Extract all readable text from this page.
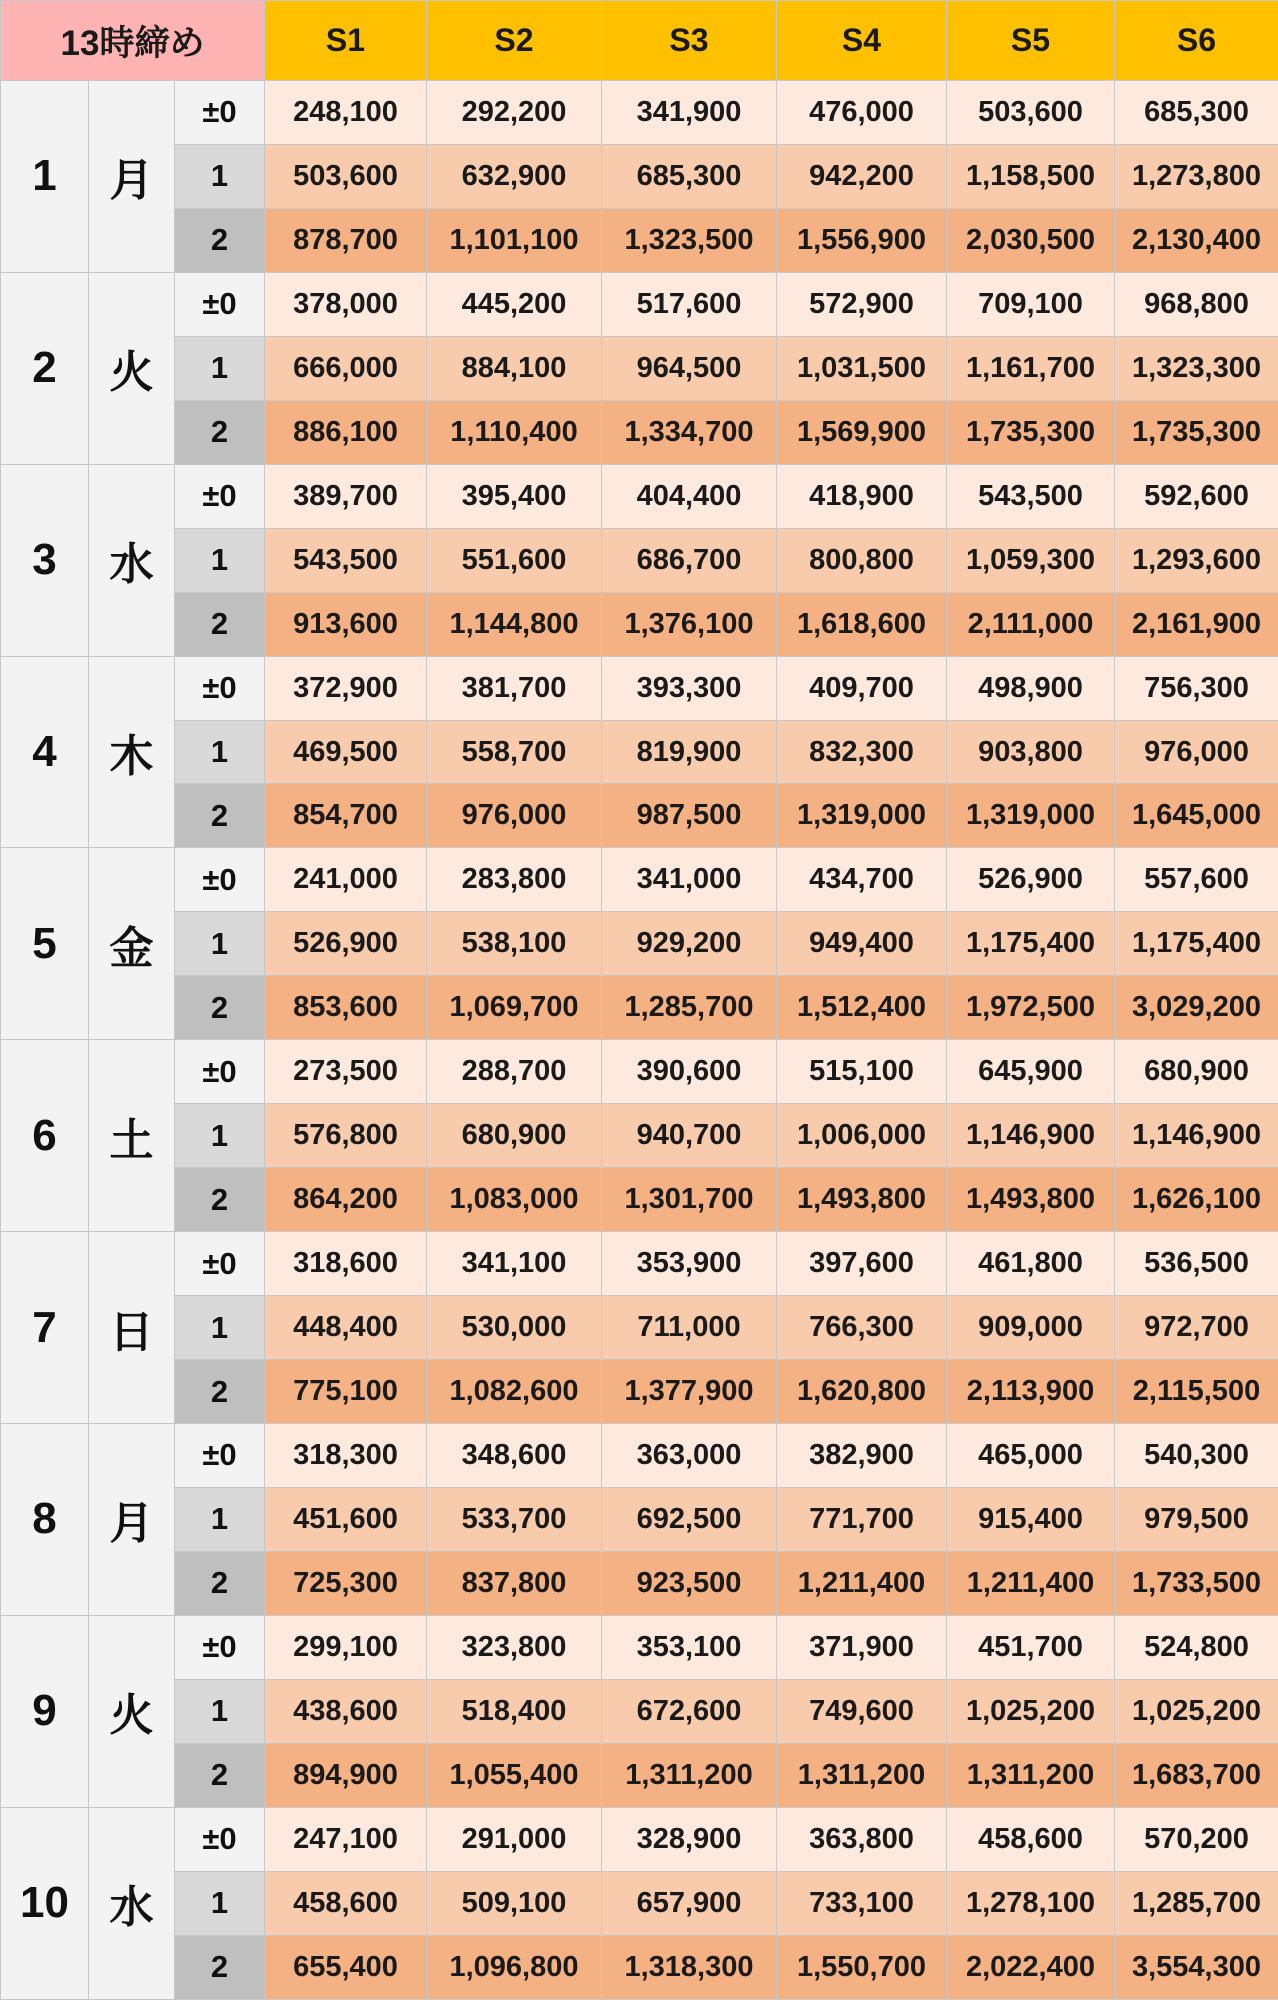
13時締め			S1	S2	S3	S4	S5	S6
1	月	±0	248,100	292,200	341,900	476,000	503,600	685,300
		1	503,600	632,900	685,300	942,200	1,158,500	1,273,800
		2	878,700	1,101,100	1,323,500	1,556,900	2,030,500	2,130,400
2	火	±0	378,000	445,200	517,600	572,900	709,100	968,800
		1	666,000	884,100	964,500	1,031,500	1,161,700	1,323,300
		2	886,100	1,110,400	1,334,700	1,569,900	1,735,300	1,735,300
3	水	±0	389,700	395,400	404,400	418,900	543,500	592,600
		1	543,500	551,600	686,700	800,800	1,059,300	1,293,600
		2	913,600	1,144,800	1,376,100	1,618,600	2,111,000	2,161,900
4	木	±0	372,900	381,700	393,300	409,700	498,900	756,300
		1	469,500	558,700	819,900	832,300	903,800	976,000
		2	854,700	976,000	987,500	1,319,000	1,319,000	1,645,000
5	金	±0	241,000	283,800	341,000	434,700	526,900	557,600
		1	526,900	538,100	929,200	949,400	1,175,400	1,175,400
		2	853,600	1,069,700	1,285,700	1,512,400	1,972,500	3,029,200
6	土	±0	273,500	288,700	390,600	515,100	645,900	680,900
		1	576,800	680,900	940,700	1,006,000	1,146,900	1,146,900
		2	864,200	1,083,000	1,301,700	1,493,800	1,493,800	1,626,100
7	日	±0	318,600	341,100	353,900	397,600	461,800	536,500
		1	448,400	530,000	711,000	766,300	909,000	972,700
		2	775,100	1,082,600	1,377,900	1,620,800	2,113,900	2,115,500
8	月	±0	318,300	348,600	363,000	382,900	465,000	540,300
		1	451,600	533,700	692,500	771,700	915,400	979,500
		2	725,300	837,800	923,500	1,211,400	1,211,400	1,733,500
9	火	±0	299,100	323,800	353,100	371,900	451,700	524,800
		1	438,600	518,400	672,600	749,600	1,025,200	1,025,200
		2	894,900	1,055,400	1,311,200	1,311,200	1,311,200	1,683,700
10	水	±0	247,100	291,000	328,900	363,800	458,600	570,200
		1	458,600	509,100	657,900	733,100	1,278,100	1,285,700
		2	655,400	1,096,800	1,318,300	1,550,700	2,022,400	3,554,300
